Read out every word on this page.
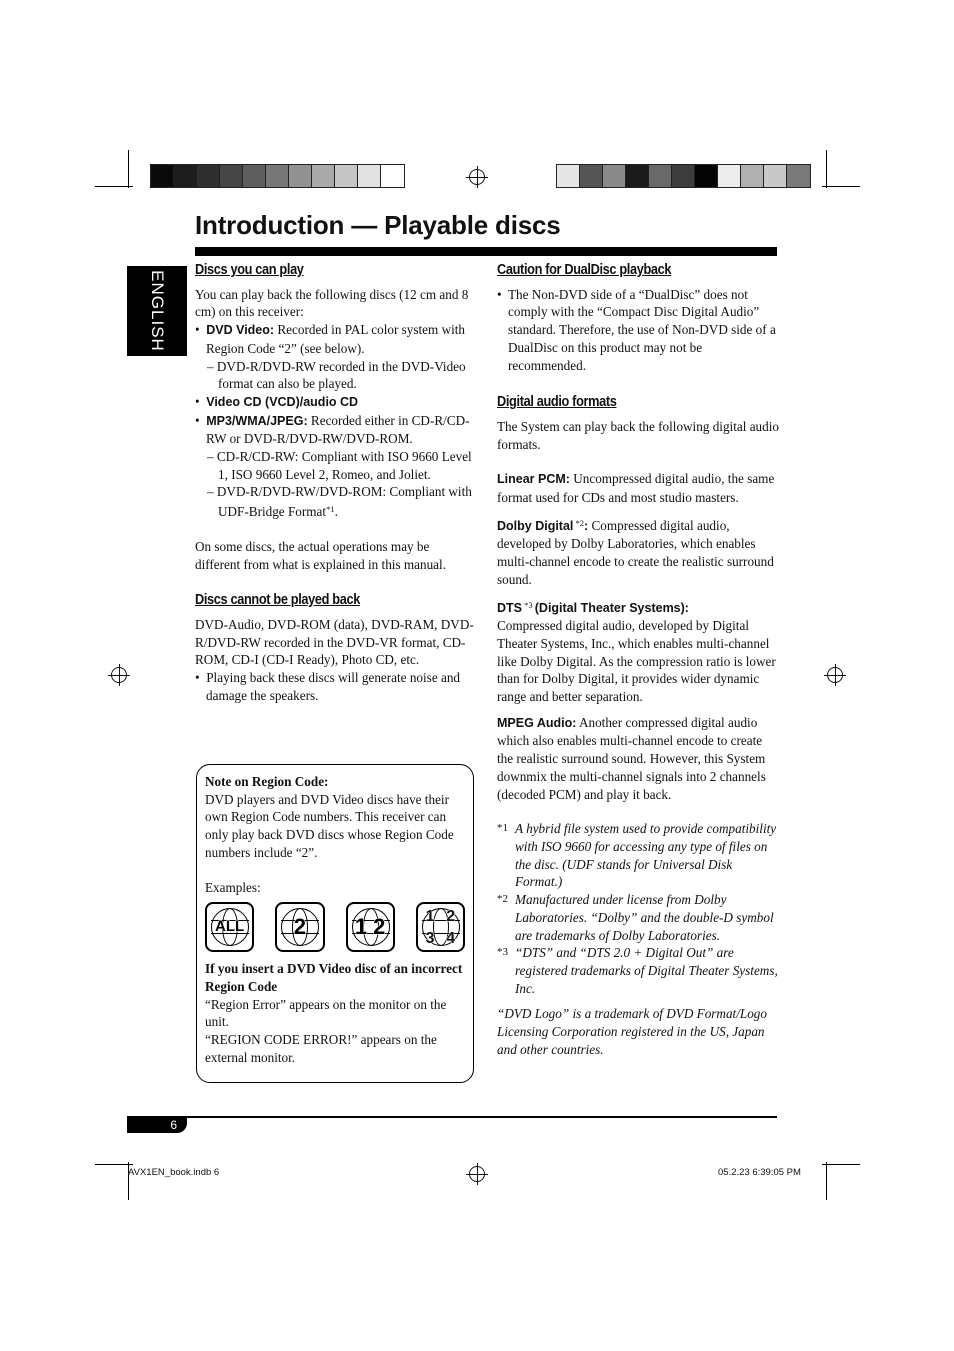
Introduction — Playable discs
ENGLISH
Discs you can play

You can play back the following discs (12 cm and 8 cm) on this receiver:

•  DVD Video: Recorded in PAL color system with Region Code “2” (see below).

– DVD-R/DVD-RW recorded in the DVD-Video format can also be played.

•  Video CD (VCD)/audio CD

•  MP3/WMA/JPEG: Recorded either in CD-R/CD-RW or DVD-R/DVD-RW/DVD-ROM.

– CD-R/CD-RW: Compliant with ISO 9660 Level 1, ISO 9660 Level 2, Romeo, and Joliet.

– DVD-R/DVD-RW/DVD-ROM: Compliant with UDF-Bridge Format$^{*1}$.

On some discs, the actual operations may be different from what is explained in this manual.

Discs cannot be played back

DVD-Audio, DVD-ROM (data), DVD-RAM, DVD-R/DVD-RW recorded in the DVD-VR format, CD-ROM, CD-I (CD-I Ready), Photo CD, etc.

•  Playing back these discs will generate noise and damage the speakers.

Note on Region Code:

DVD players and DVD Video discs have their own Region Code numbers. This receiver can only play back DVD discs whose Region Code numbers include “2”.

Examples:

ALL	2	1 2	1 2
3 4

If you insert a DVD Video disc of an incorrect Region Code

“Region Error” appears on the monitor on the unit.

“REGION CODE ERROR!” appears on the external monitor.

Caution for DualDisc playback

•  The Non-DVD side of a “DualDisc” does not comply with the “Compact Disc Digital Audio” standard. Therefore, the use of Non-DVD side of a DualDisc on this product may not be recommended.

Digital audio formats

The System can play back the following digital audio formats.

Linear PCM: Uncompressed digital audio, the same format used for CDs and most studio masters.

Dolby Digital $^{*2}$: Compressed digital audio, developed by Dolby Laboratories, which enables multi-channel encode to create the realistic surround sound.

DTS $^{*3}$ (Digital Theater Systems):

Compressed digital audio, developed by Digital Theater Systems, Inc., which enables multi-channel like Dolby Digital. As the compression ratio is lower than for Dolby Digital, it provides wider dynamic range and better separation.

MPEG Audio: Another compressed digital audio which also enables multi-channel encode to create the realistic surround sound. However, this System downmix the multi-channel signals into 2 channels (decoded PCM) and play it back.

*1 A hybrid file system used to provide compatibility with ISO 9660 for accessing any type of files on the disc. (UDF stands for Universal Disk Format.)
*2 Manufactured under license from Dolby Laboratories. “Dolby” and the double-D symbol are trademarks of Dolby Laboratories.
*3 “DTS” and “DTS 2.0 + Digital Out” are registered trademarks of Digital Theater Systems, Inc.

“DVD Logo” is a trademark of DVD Format/Logo Licensing Corporation registered in the US, Japan and other countries.

6
AVX1EN_book.indb 6	05.2.23 6:39:05 PM
